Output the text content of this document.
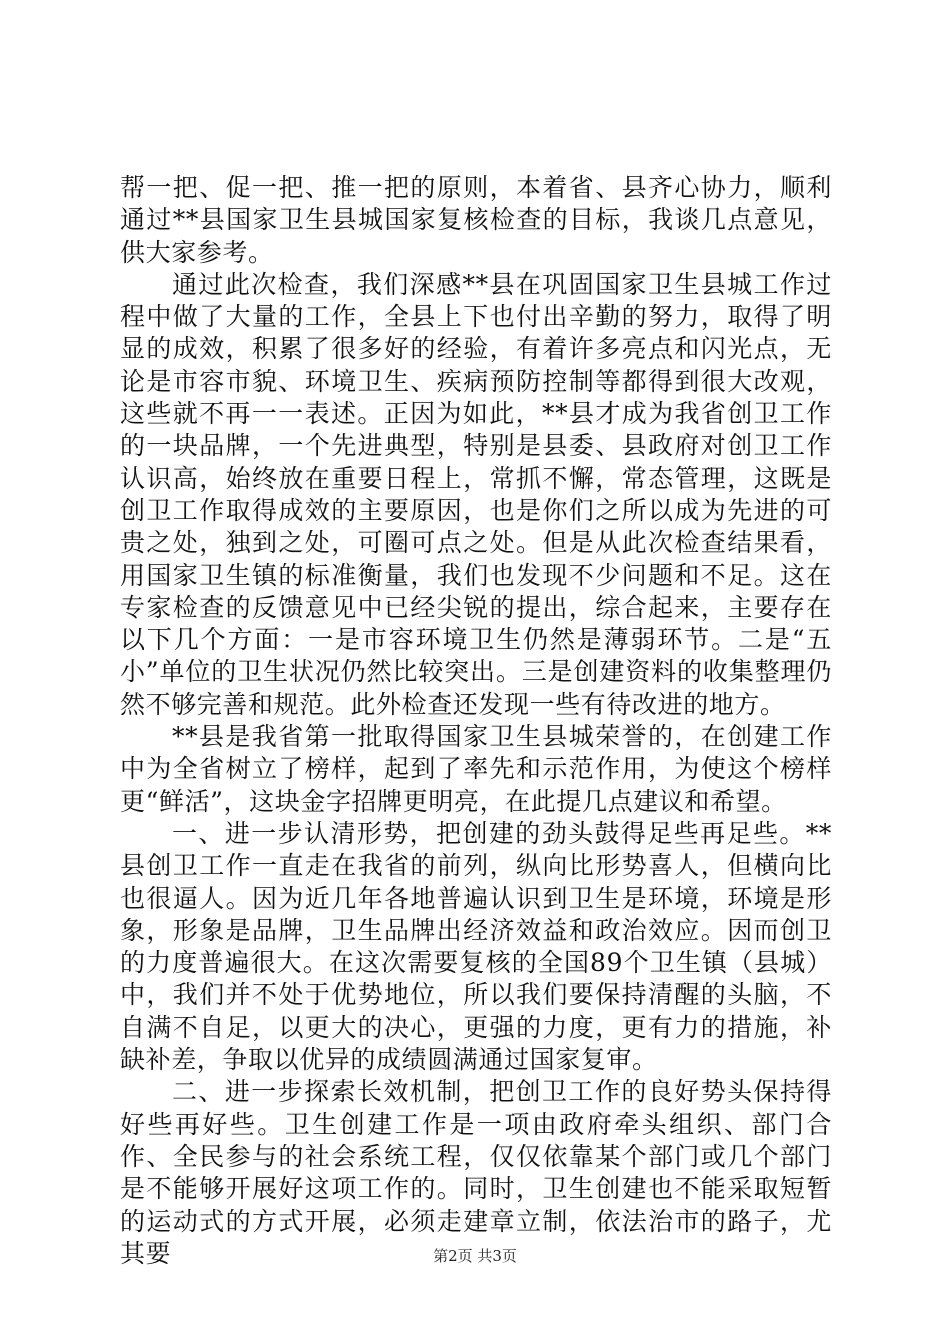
帮一把、促一把、推一把的原则，本着省、县齐心协力，顺利通过**县国家卫生县城国家复核检查的目标，我谈几点意见，供大家参考。

通过此次检查，我们深感**县在巩固国家卫生县城工作过程中做了大量的工作，全县上下也付出辛勤的努力，取得了明显的成效，积累了很多好的经验，有着许多亮点和闪光点，无论是市容市貌、环境卫生、疾病预防控制等都得到很大改观，这些就不再一一表述。正因为如此，**县才成为我省创卫工作的一块品牌，一个先进典型，特别是县委、县政府对创卫工作认识高，始终放在重要日程上，常抓不懈，常态管理，这既是创卫工作取得成效的主要原因，也是你们之所以成为先进的可贵之处，独到之处，可圈可点之处。但是从此次检查结果看，用国家卫生镇的标准衡量，我们也发现不少问题和不足。这在专家检查的反馈意见中已经尖锐的提出，综合起来，主要存在以下几个方面：一是市容环境卫生仍然是薄弱环节。二是“五小”单位的卫生状况仍然比较突出。三是创建资料的收集整理仍然不够完善和规范。此外检查还发现一些有待改进的地方。

**县是我省第一批取得国家卫生县城荣誉的，在创建工作中为全省树立了榜样，起到了率先和示范作用，为使这个榜样更“鲜活”，这块金字招牌更明亮，在此提几点建议和希望。

一、进一步认清形势，把创建的劲头鼓得足些再足些。**县创卫工作一直走在我省的前列，纵向比形势喜人，但横向比也很逼人。因为近几年各地普遍认识到卫生是环境，环境是形象，形象是品牌，卫生品牌出经济效益和政治效应。因而创卫的力度普遍很大。在这次需要复核的全国89个卫生镇（县城）中，我们并不处于优势地位，所以我们要保持清醒的头脑，不自满不自足，以更大的决心，更强的力度，更有力的措施，补缺补差，争取以优异的成绩圆满通过国家复审。

二、进一步探索长效机制，把创卫工作的良好势头保持得好些再好些。卫生创建工作是一项由政府牵头组织、部门合作、全民参与的社会系统工程，仅仅依靠某个部门或几个部门是不能够开展好这项工作的。同时，卫生创建也不能采取短暂的运动式的方式开展，必须走建章立制，依法治市的路子，尤其要	第2页 共3页
